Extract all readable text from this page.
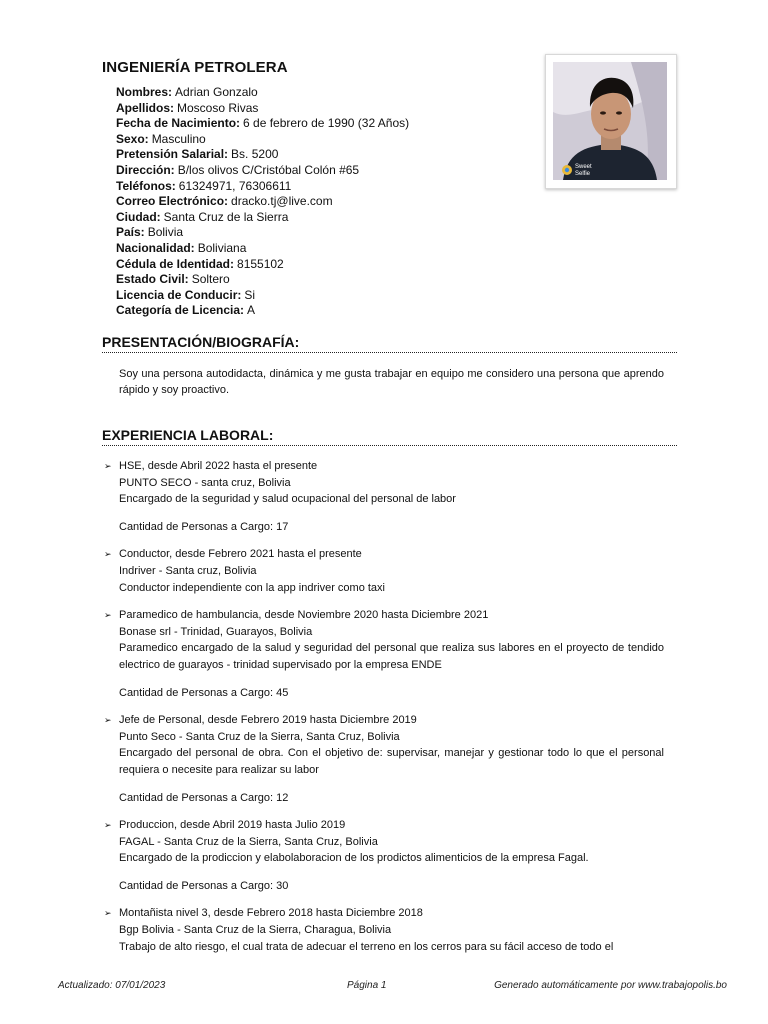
INGENIERÍA PETROLERA
Sweet
Selfie
Nombres: Adrian Gonzalo
Apellidos: Moscoso Rivas
Fecha de Nacimiento: 6 de febrero de 1990 (32 Años)
Sexo: Masculino
Pretensión Salarial: Bs. 5200
Dirección: B/los olivos C/Cristóbal Colón #65
Teléfonos: 61324971, 76306611
Correo Electrónico: dracko.tj@live.com
Ciudad: Santa Cruz de la Sierra
País: Bolivia
Nacionalidad: Boliviana
Cédula de Identidad: 8155102
Estado Civil: Soltero
Licencia de Conducir: Si
Categoría de Licencia: A
PRESENTACIÓN/BIOGRAFÍA:
Soy una persona autodidacta, dinámica y me gusta trabajar en equipo me considero una persona que aprendo rápido y soy proactivo.
EXPERIENCIA LABORAL:
➢ HSE, desde Abril 2022 hasta el presente
PUNTO SECO - santa cruz, Bolivia
Encargado de la seguridad y salud ocupacional del personal de labor
Cantidad de Personas a Cargo: 17
➢ Conductor, desde Febrero 2021 hasta el presente
Indriver - Santa cruz, Bolivia
Conductor independiente con la app indriver como taxi
➢ Paramedico de hambulancia, desde Noviembre 2020 hasta Diciembre 2021
Bonase srl - Trinidad, Guarayos, Bolivia
Paramedico encargado de la salud y seguridad del personal que realiza sus labores en el proyecto de tendido electrico de guarayos - trinidad supervisado por la empresa ENDE
Cantidad de Personas a Cargo: 45
➢ Jefe de Personal, desde Febrero 2019 hasta Diciembre 2019
Punto Seco - Santa Cruz de la Sierra, Santa Cruz, Bolivia
Encargado del personal de obra. Con el objetivo de: supervisar, manejar y gestionar todo lo que el personal requiera o necesite para realizar su labor
Cantidad de Personas a Cargo: 12
➢ Produccion, desde Abril 2019 hasta Julio 2019
FAGAL - Santa Cruz de la Sierra, Santa Cruz, Bolivia
Encargado de la prodiccion y elabolaboracion de los prodictos alimenticios de la empresa Fagal.
Cantidad de Personas a Cargo: 30
➢ Montañista nivel 3, desde Febrero 2018 hasta Diciembre 2018
Bgp Bolivia - Santa Cruz de la Sierra, Charagua, Bolivia
Trabajo de alto riesgo, el cual trata de adecuar el terreno en los cerros para su fácil acceso de todo el
Actualizado: 07/01/2023	Página 1	Generado automáticamente por www.trabajopolis.bo
